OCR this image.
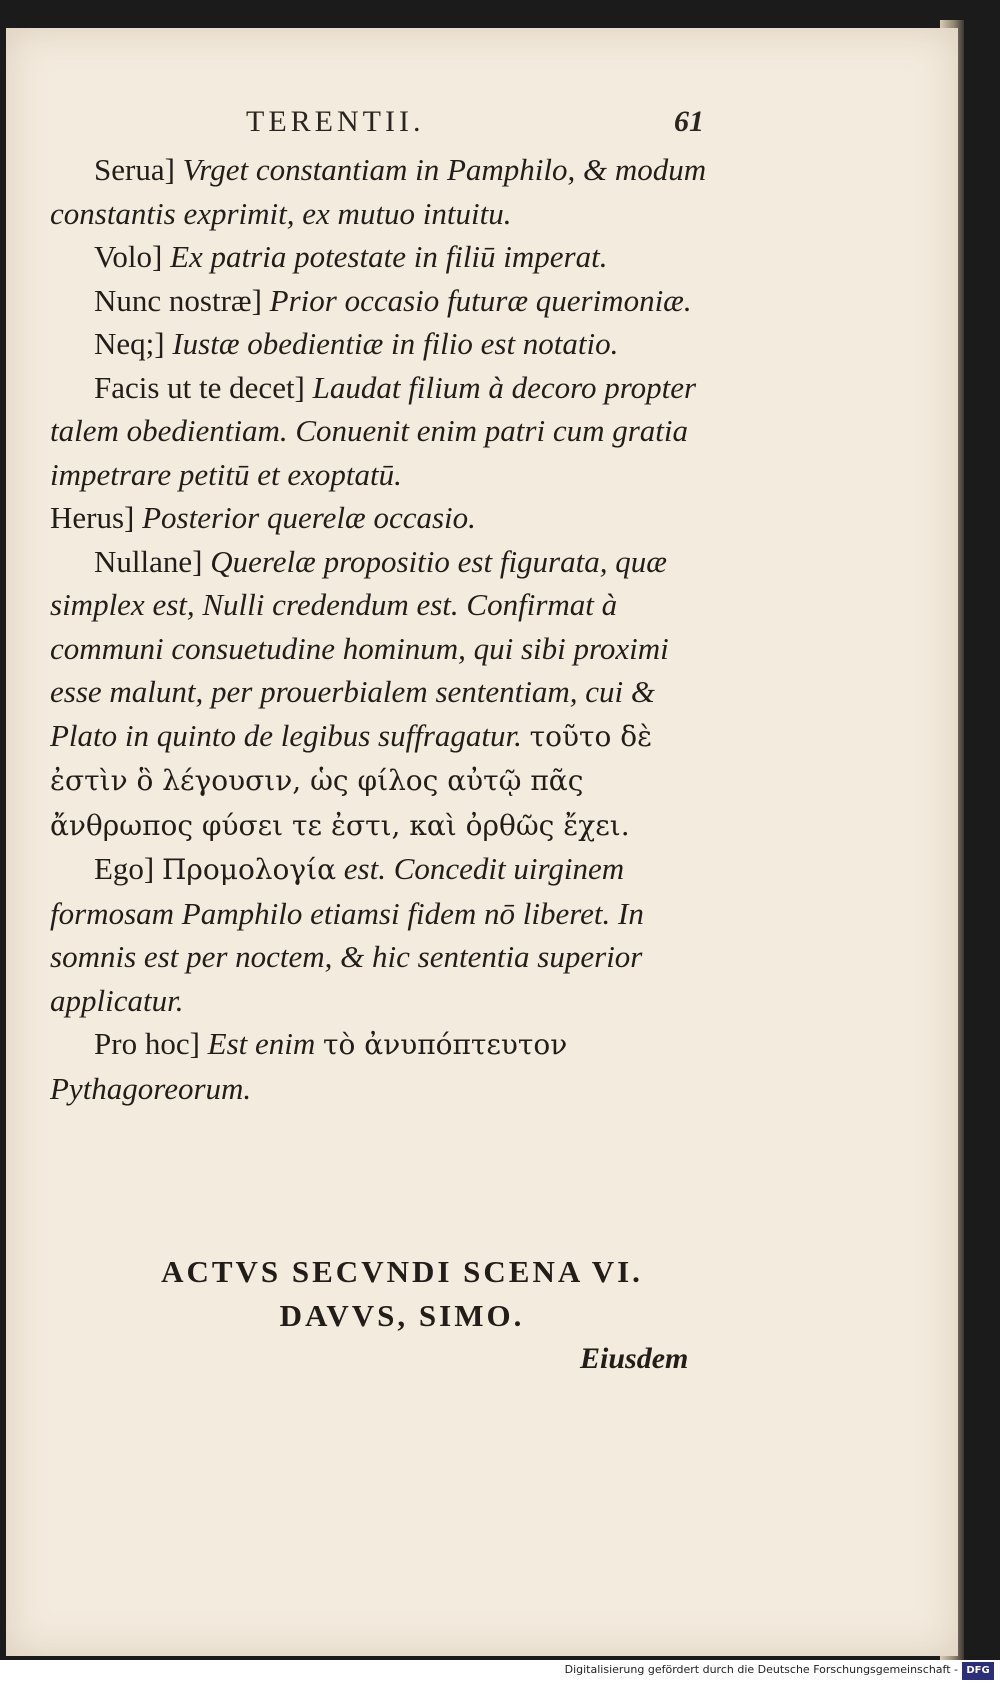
TERENTII.	61

Serua] Vrget constantiam in Pamphilo, & modum constantis exprimit, ex mutuo intuitu.

Volo] Ex patria potestate in filiū imperat.

Nunc nostræ] Prior occasio futuræ querimoniæ.

Neq;] Iustæ obedientiæ in filio est notatio.

Facis ut te decet] Laudat filium à decoro propter talem obedientiam. Conuenit enim patri cum gratia impetrare petitū et exoptatū.

Herus] Posterior querelæ occasio.

Nullane] Querelæ propositio est figurata, quæ simplex est, Nulli credendum est. Confirmat à communi consuetudine hominum, qui sibi proximi esse malunt, per prouerbialem sententiam, cui & Plato in quinto de legibus suffragatur. τοῦτο δὲ ἐστὶν ὃ λέγουσιν, ὡς φίλος αὐτῷ πᾶς ἄνθρωπος φύσει τε ἐστι, καὶ ὀρθῶς ἔχει.

Ego] Προμολογία est. Concedit uirginem formosam Pamphilo etiamsi fidem nō liberet. In somnis est per noctem, & hic sententia superior applicatur.

Pro hoc] Est enim τὸ ἀνυπόπτευτον Pythagoreorum.

ACTVS SECVNDI SCENA VI.
DAVVS, SIMO.
Eiusdem
Digitalisierung gefördert durch die Deutsche Forschungsgemeinschaft - DFG
